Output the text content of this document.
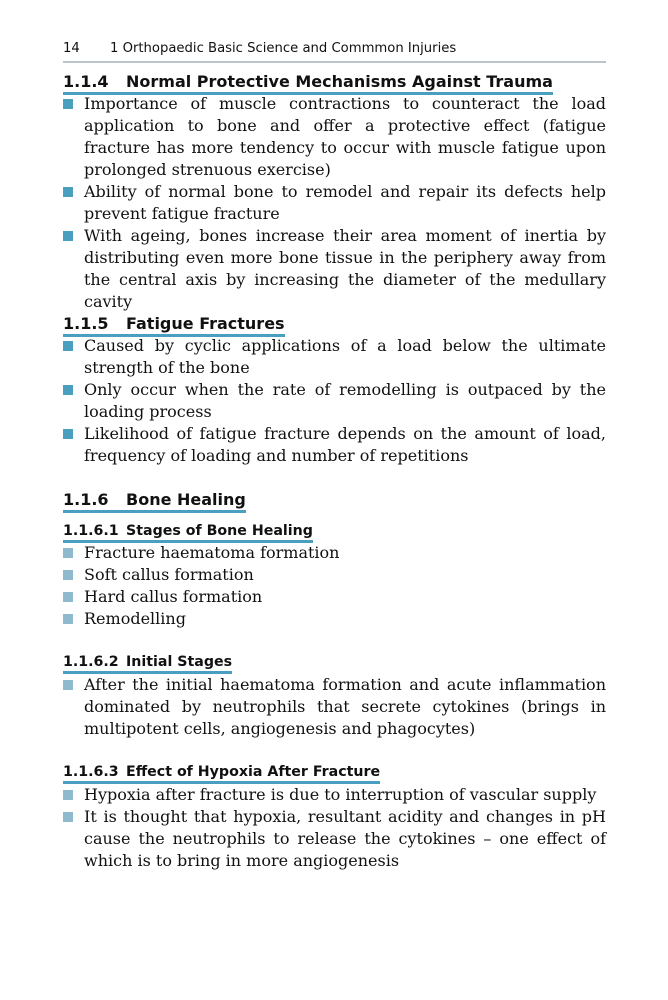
14	1 Orthopaedic Basic Science and Commmon Injuries
1.1.4 Normal Protective Mechanisms Against Trauma
Importance of muscle contractions to counteract the load application to bone and offer a protective effect (fatigue fracture has more tendency to occur with muscle fatigue upon prolonged strenuous exercise)
Ability of normal bone to remodel and repair its defects help prevent fatigue fracture
With ageing, bones increase their area moment of inertia by distributing even more bone tissue in the periphery away from the central axis by increasing the diameter of the medullary cavity
1.1.5 Fatigue Fractures
Caused by cyclic applications of a load below the ultimate strength of the bone
Only occur when the rate of remodelling is outpaced by the loading process
Likelihood of fatigue fracture depends on the amount of load, frequency of loading and number of repetitions
1.1.6 Bone Healing
1.1.6.1 Stages of Bone Healing
Fracture haematoma formation
Soft callus formation
Hard callus formation
Remodelling
1.1.6.2 Initial Stages
After the initial haematoma formation and acute inflammation dominated by neutrophils that secrete cytokines (brings in multipotent cells, angiogenesis and phagocytes)
1.1.6.3 Effect of Hypoxia After Fracture
Hypoxia after fracture is due to interruption of vascular supply
It is thought that hypoxia, resultant acidity and changes in pH cause the neutrophils to release the cytokines – one effect of which is to bring in more angiogenesis
